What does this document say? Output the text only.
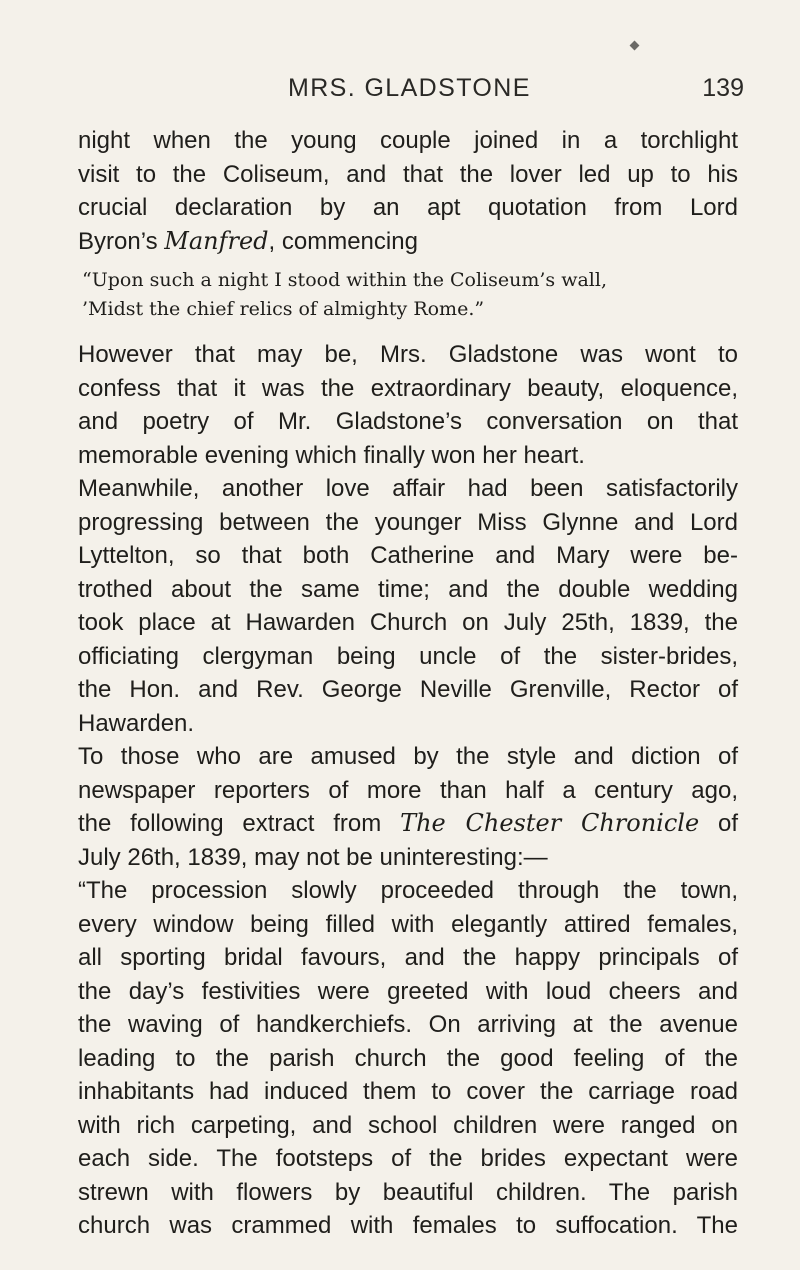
MRS. GLADSTONE	139
night when the young couple joined in a torchlight
visit to the Coliseum, and that the lover led up to his
crucial declaration by an apt quotation from Lord
Byron’s Manfred, commencing
“Upon such a night I stood within the Coliseum’s wall,
’Midst the chief relics of almighty Rome.”
However that may be, Mrs. Gladstone was wont to
confess that it was the extraordinary beauty, eloquence,
and poetry of Mr. Gladstone’s conversation on that
memorable evening which finally won her heart.
Meanwhile, another love affair had been satisfactorily
progressing between the younger Miss Glynne and Lord
Lyttelton, so that both Catherine and Mary were be-
trothed about the same time; and the double wedding
took place at Hawarden Church on July 25th, 1839, the
officiating clergyman being uncle of the sister-brides,
the Hon. and Rev. George Neville Grenville, Rector of
Hawarden.
To those who are amused by the style and diction of
newspaper reporters of more than half a century ago,
the following extract from The Chester Chronicle of
July 26th, 1839, may not be uninteresting:—
“The procession slowly proceeded through the town,
every window being filled with elegantly attired females,
all sporting bridal favours, and the happy principals of
the day’s festivities were greeted with loud cheers and
the waving of handkerchiefs. On arriving at the avenue
leading to the parish church the good feeling of the
inhabitants had induced them to cover the carriage road
with rich carpeting, and school children were ranged on
each side. The footsteps of the brides expectant were
strewn with flowers by beautiful children. The parish
church was crammed with females to suffocation. The
